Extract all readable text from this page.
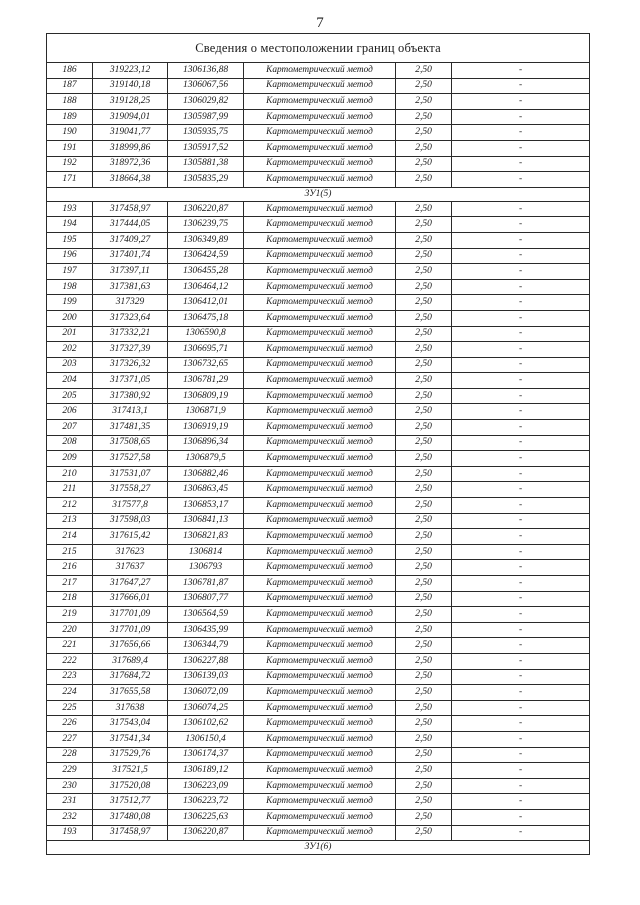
7
Сведения о местоположении границ объекта					
186	319223,12	1306136,88	Картометрический метод	2,50	-
187	319140,18	1306067,56	Картометрический метод	2,50	-
188	319128,25	1306029,82	Картометрический метод	2,50	-
189	319094,01	1305987,99	Картометрический метод	2,50	-
190	319041,77	1305935,75	Картометрический метод	2,50	-
191	318999,86	1305917,52	Картометрический метод	2,50	-
192	318972,36	1305881,38	Картометрический метод	2,50	-
171	318664,38	1305835,29	Картометрический метод	2,50	-
ЗУ1(5)					
193	317458,97	1306220,87	Картометрический метод	2,50	-
194	317444,05	1306239,75	Картометрический метод	2,50	-
195	317409,27	1306349,89	Картометрический метод	2,50	-
196	317401,74	1306424,59	Картометрический метод	2,50	-
197	317397,11	1306455,28	Картометрический метод	2,50	-
198	317381,63	1306464,12	Картометрический метод	2,50	-
199	317329	1306412,01	Картометрический метод	2,50	-
200	317323,64	1306475,18	Картометрический метод	2,50	-
201	317332,21	1306590,8	Картометрический метод	2,50	-
202	317327,39	1306695,71	Картометрический метод	2,50	-
203	317326,32	1306732,65	Картометрический метод	2,50	-
204	317371,05	1306781,29	Картометрический метод	2,50	-
205	317380,92	1306809,19	Картометрический метод	2,50	-
206	317413,1	1306871,9	Картометрический метод	2,50	-
207	317481,35	1306919,19	Картометрический метод	2,50	-
208	317508,65	1306896,34	Картометрический метод	2,50	-
209	317527,58	1306879,5	Картометрический метод	2,50	-
210	317531,07	1306882,46	Картометрический метод	2,50	-
211	317558,27	1306863,45	Картометрический метод	2,50	-
212	317577,8	1306853,17	Картометрический метод	2,50	-
213	317598,03	1306841,13	Картометрический метод	2,50	-
214	317615,42	1306821,83	Картометрический метод	2,50	-
215	317623	1306814	Картометрический метод	2,50	-
216	317637	1306793	Картометрический метод	2,50	-
217	317647,27	1306781,87	Картометрический метод	2,50	-
218	317666,01	1306807,77	Картометрический метод	2,50	-
219	317701,09	1306564,59	Картометрический метод	2,50	-
220	317701,09	1306435,99	Картометрический метод	2,50	-
221	317656,66	1306344,79	Картометрический метод	2,50	-
222	317689,4	1306227,88	Картометрический метод	2,50	-
223	317684,72	1306139,03	Картометрический метод	2,50	-
224	317655,58	1306072,09	Картометрический метод	2,50	-
225	317638	1306074,25	Картометрический метод	2,50	-
226	317543,04	1306102,62	Картометрический метод	2,50	-
227	317541,34	1306150,4	Картометрический метод	2,50	-
228	317529,76	1306174,37	Картометрический метод	2,50	-
229	317521,5	1306189,12	Картометрический метод	2,50	-
230	317520,08	1306223,09	Картометрический метод	2,50	-
231	317512,77	1306223,72	Картометрический метод	2,50	-
232	317480,08	1306225,63	Картометрический метод	2,50	-
193	317458,97	1306220,87	Картометрический метод	2,50	-
ЗУ1(6)					
